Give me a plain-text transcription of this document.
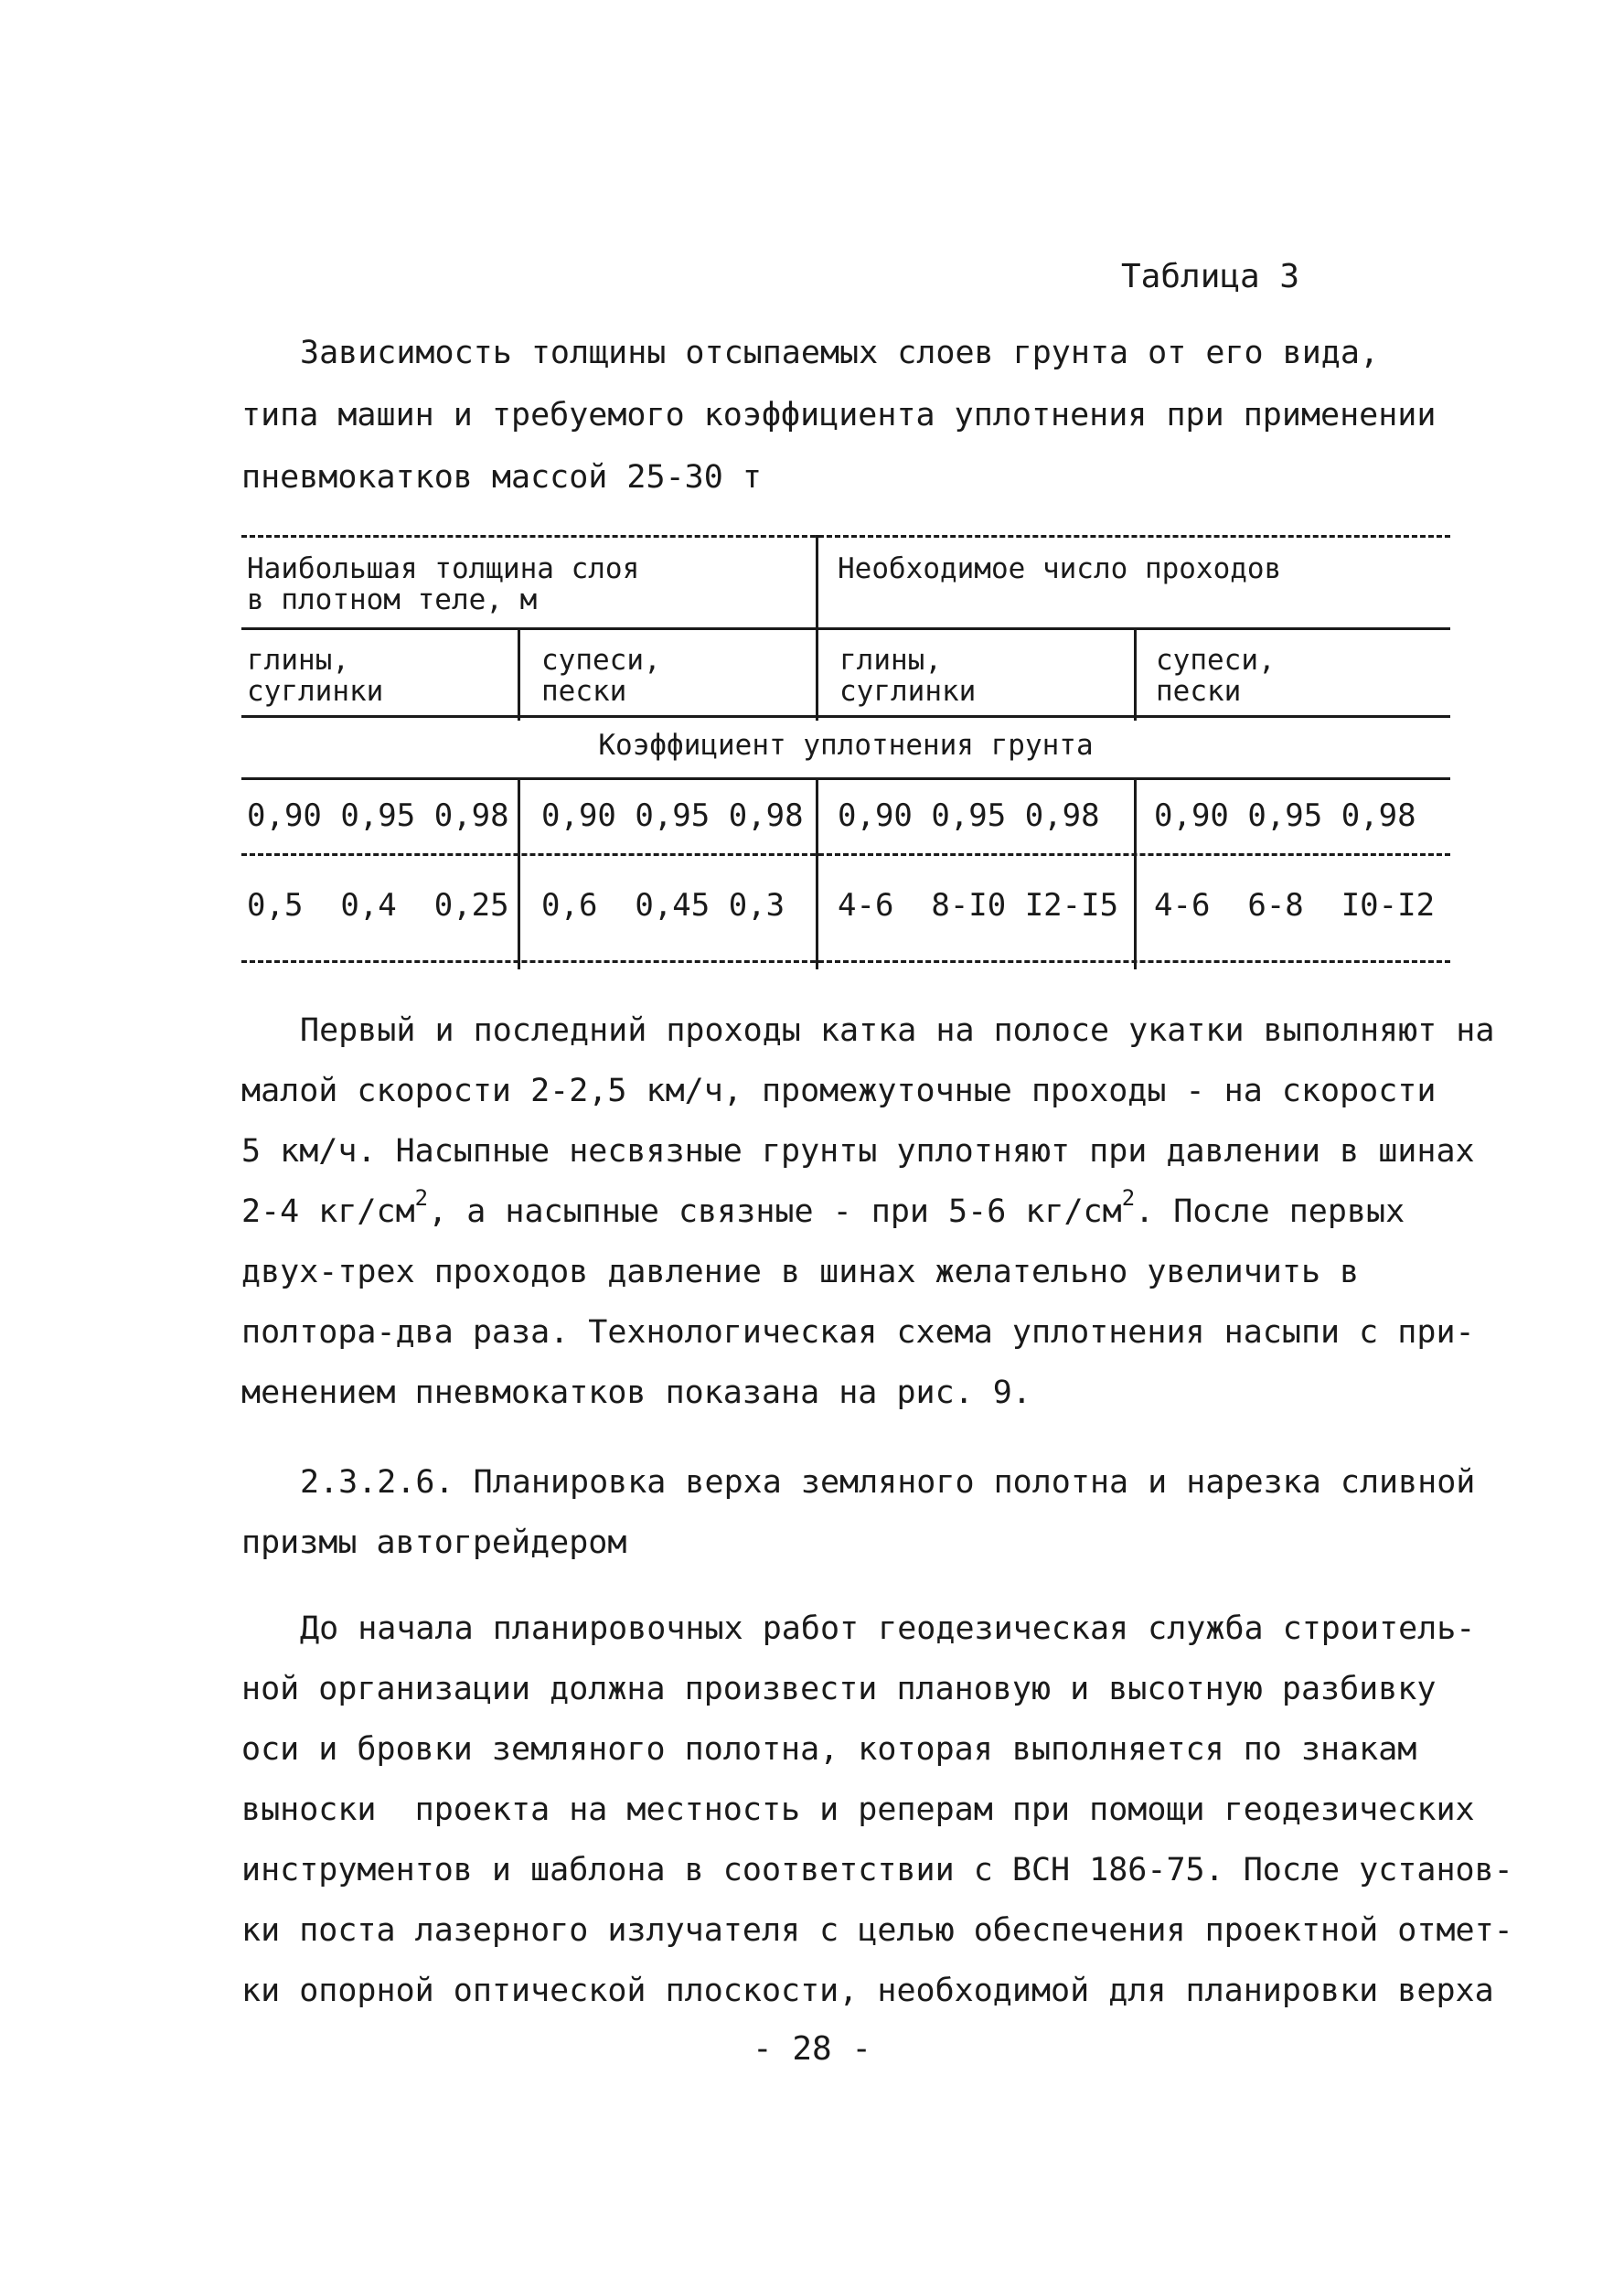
Таблица 3
Зависимость толщины отсыпаемых слоев грунта от его вида,
типа машин и требуемого коэффициента уплотнения при применении
пневмокатков массой 25-30 т
Наибольшая толщина слоя
в плотном теле, м
Необходимое число проходов
глины,
суглинки
супеси,
пески
глины,
суглинки
супеси,
пески
Коэффициент уплотнения грунта
0,90 0,95 0,98 0,90 0,95 0,98 0,90 0,95 0,98 0,90 0,95 0,98
0,5  0,4  0,25 0,6  0,45 0,3 4-6  8-I0 I2-I5 4-6  6-8  I0-I2
Первый и последний проходы катка на полосе укатки выполняют на
малой скорости 2-2,5 км/ч, промежуточные проходы - на скорости
5 км/ч. Насыпные несвязные грунты уплотняют при давлении в шинах
2-4 $кг/см^2$, а насыпные связные - при 5-6 $кг/см^2$. После первых
двух-трех проходов давление в шинах желательно увеличить в
полтора-два раза. Технологическая схема уплотнения насыпи с при-
менением пневмокатков показана на рис. 9.
2.3.2.6. Планировка верха земляного полотна и нарезка сливной
призмы автогрейдером
До начала планировочных работ геодезическая служба строитель-
ной организации должна произвести плановую и высотную разбивку
оси и бровки земляного полотна, которая выполняется по знакам
выноски  проекта на местность и реперам при помощи геодезических
инструментов и шаблона в соответствии с ВСН 186-75. После установ-
ки поста лазерного излучателя с целью обеспечения проектной отмет-
ки опорной оптической плоскости, необходимой для планировки верха
- 28 -
